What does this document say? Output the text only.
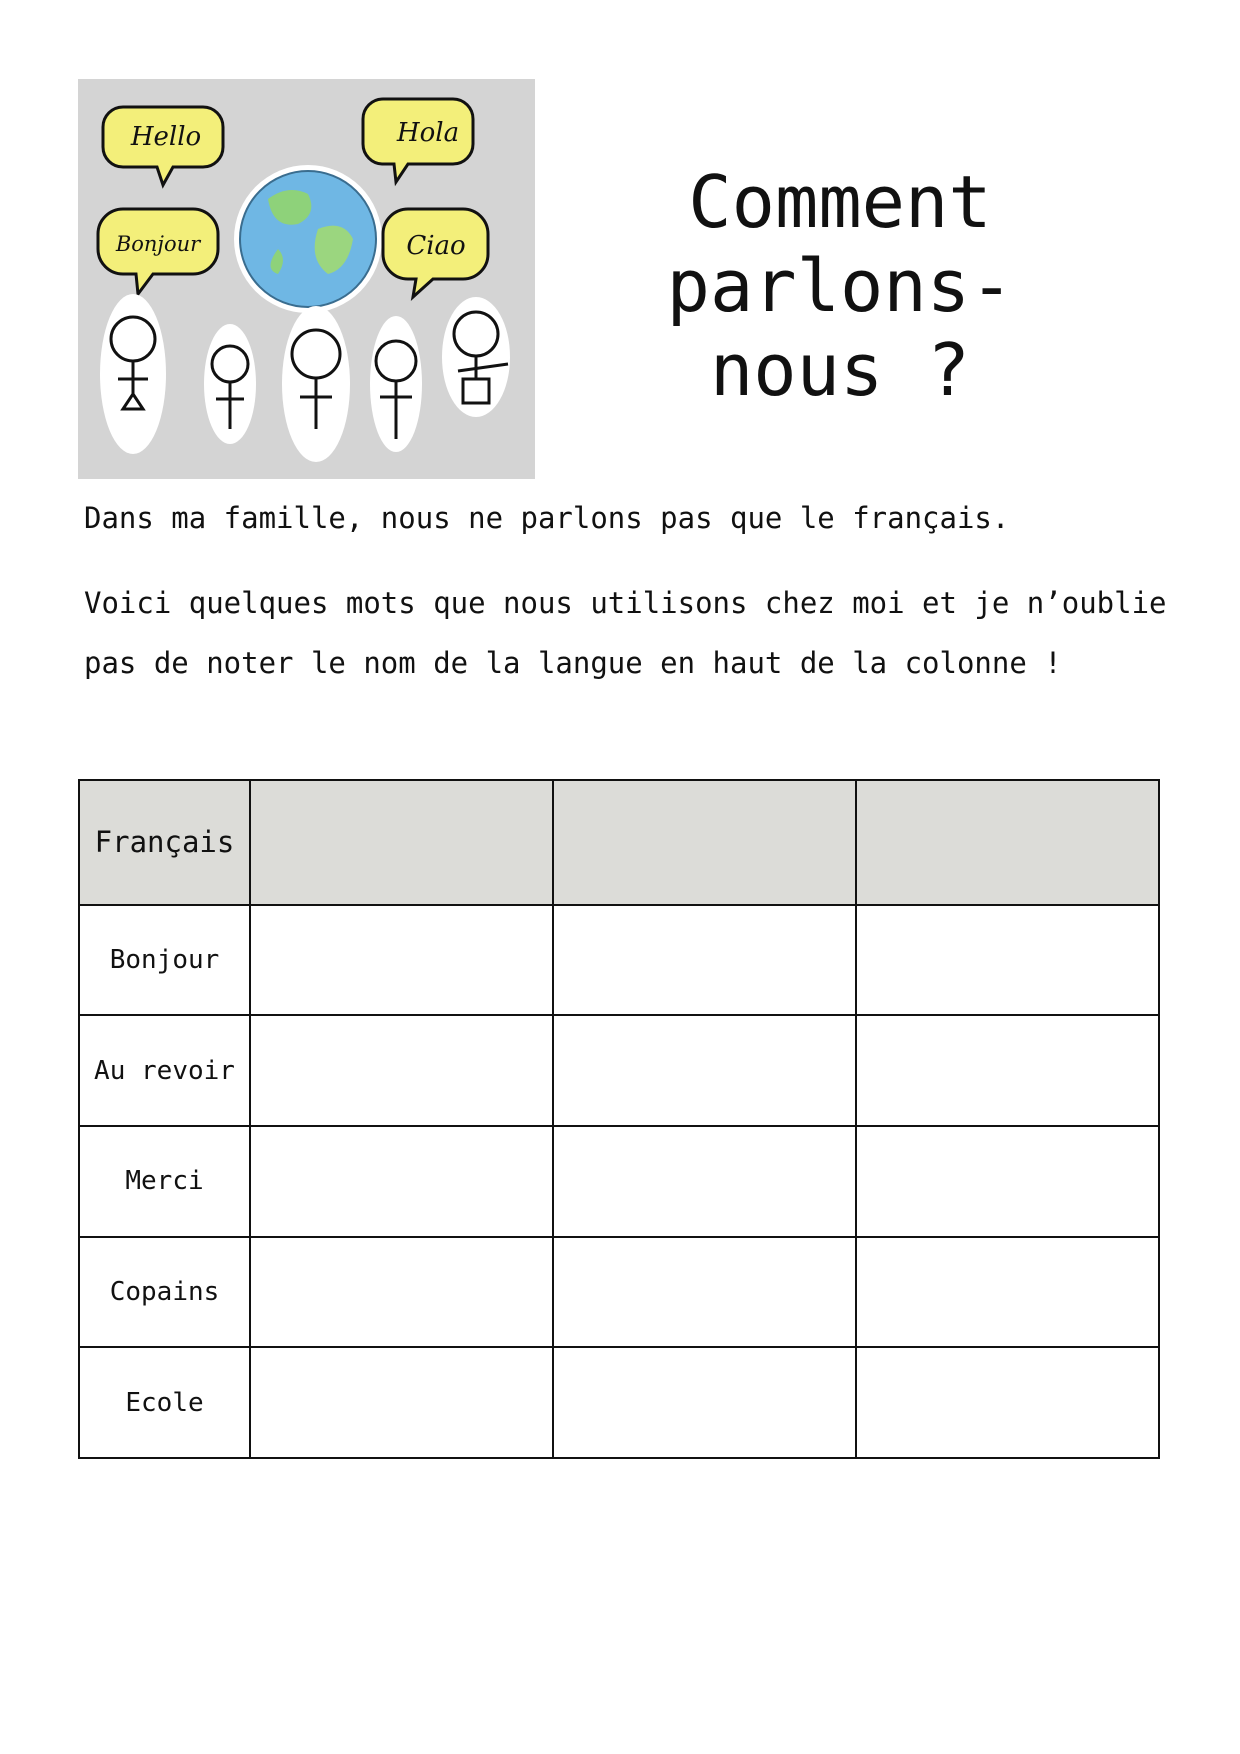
Hello	Hola
Bonjour	Ciao
Comment
parlons-
nous ?
Dans ma famille, nous ne parlons pas que le français.
Voici quelques mots que nous utilisons chez moi et je n’oublie pas de noter le nom de la langue en haut de la colonne !
Français			
Bonjour			
Au revoir			
Merci			
Copains			
Ecole			
